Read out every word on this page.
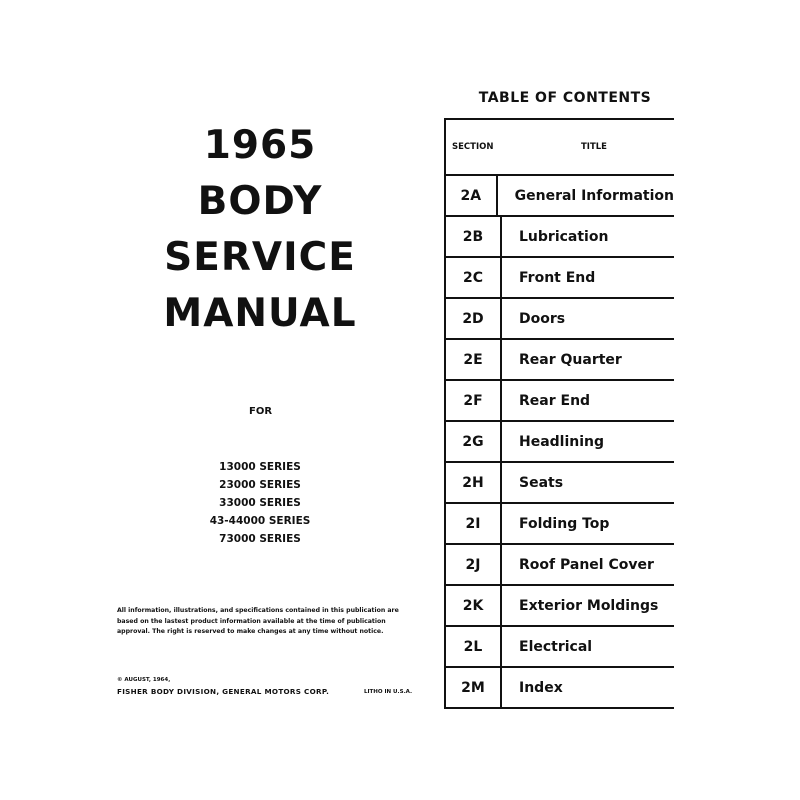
1965
BODY
SERVICE
MANUAL
FOR
13000 SERIES
23000 SERIES
33000 SERIES
43-44000 SERIES
73000 SERIES
All information, illustrations, and specifications contained in this publication are based on the lastest product information available at the time of publication approval. The right is reserved to make changes at any time without notice.
© AUGUST, 1964,
FISHER BODY DIVISION, GENERAL MOTORS CORP.	LITHO IN U.S.A.
TABLE OF CONTENTS
SECTION	TITLE
2A	General Information
2B	Lubrication
2C	Front End
2D	Doors
2E	Rear Quarter
2F	Rear End
2G	Headlining
2H	Seats
2I	Folding Top
2J	Roof Panel Cover
2K	Exterior Moldings
2L	Electrical
2M	Index
